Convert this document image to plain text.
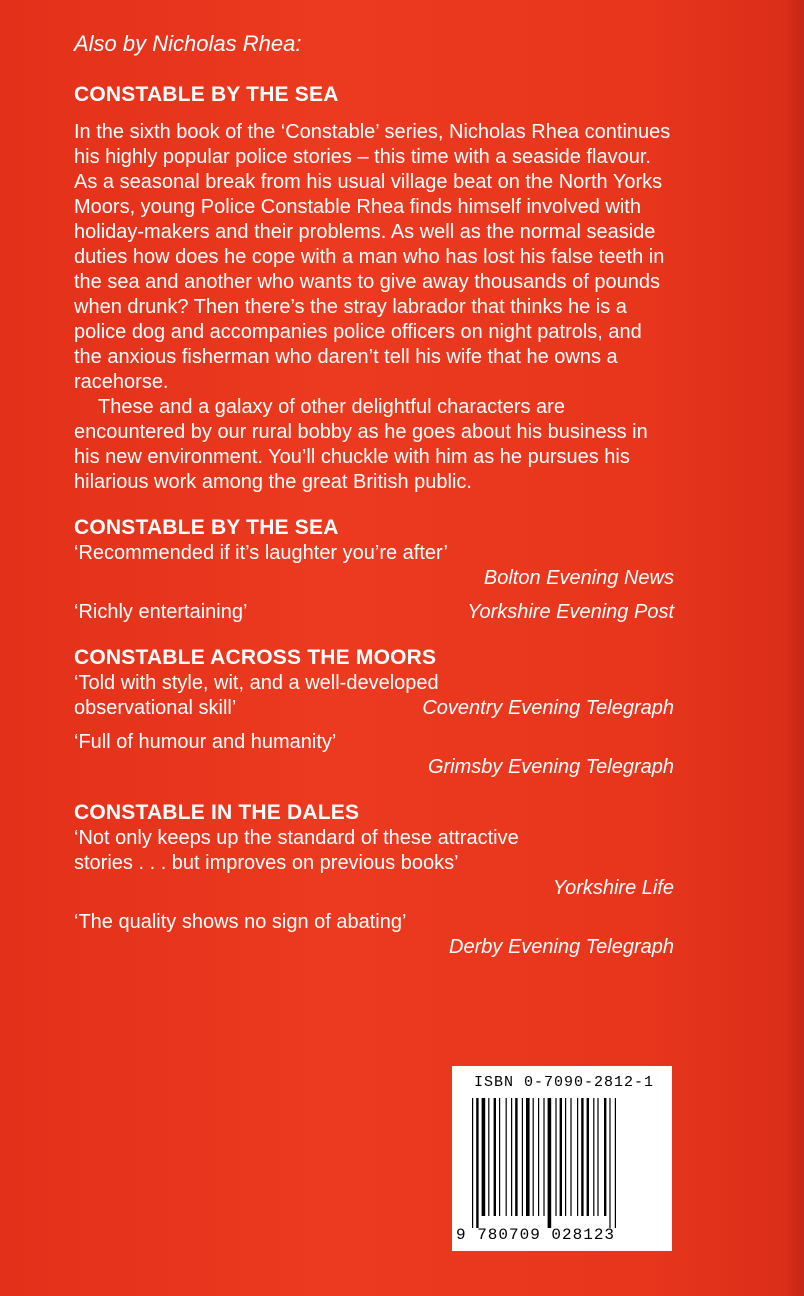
Also by Nicholas Rhea:

CONSTABLE BY THE SEA

In the sixth book of the ‘Constable’ series, Nicholas Rhea continues his highly popular police stories – this time with a seaside flavour. As a seasonal break from his usual village beat on the North Yorks Moors, young Police Constable Rhea finds himself involved with holiday-makers and their problems. As well as the normal seaside duties how does he cope with a man who has lost his false teeth in the sea and another who wants to give away thousands of pounds when drunk? Then there’s the stray labrador that thinks he is a police dog and accompanies police officers on night patrols, and the anxious fisherman who daren’t tell his wife that he owns a racehorse.

These and a galaxy of other delightful characters are encountered by our rural bobby as he goes about his business in his new environment. You’ll chuckle with him as he pursues his hilarious work among the great British public.

CONSTABLE BY THE SEA

‘Recommended if it’s laughter you’re after’

Bolton Evening News

‘Richly entertaining’	Yorkshire Evening Post
CONSTABLE ACROSS THE MOORS

‘Told with style, wit, and a well-developed

observational skill’	Coventry Evening Telegraph

‘Full of humour and humanity’

Grimsby Evening Telegraph

CONSTABLE IN THE DALES

‘Not only keeps up the standard of these attractive

stories . . . but improves on previous books’

Yorkshire Life

‘The quality shows no sign of abating’

Derby Evening Telegraph

ISBN 0-7090-2812-1
9 780709 028123
